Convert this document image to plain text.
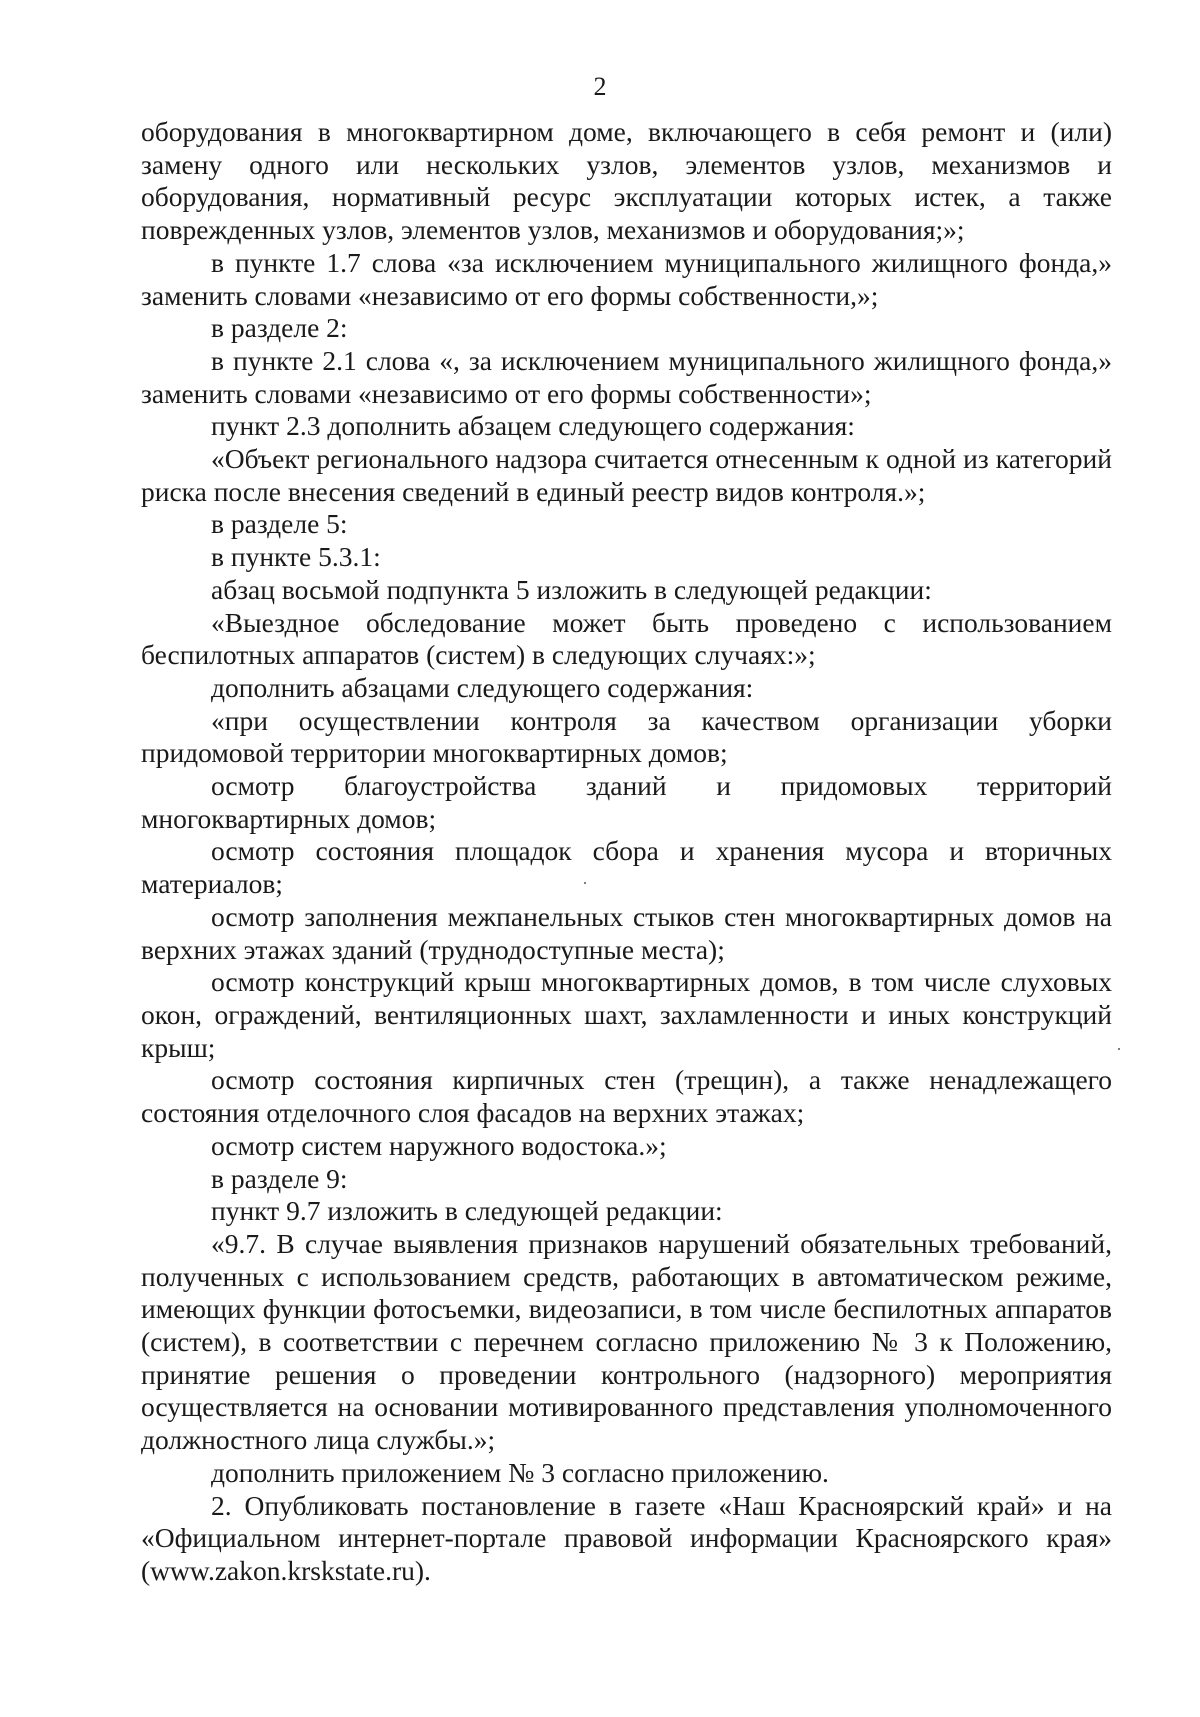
2

оборудования в многоквартирном доме, включающего в себя ремонт и (или) замену одного или нескольких узлов, элементов узлов, механизмов и оборудования, нормативный ресурс эксплуатации которых истек, а также поврежденных узлов, элементов узлов, механизмов и оборудования;»;

в пункте 1.7 слова «за исключением муниципального жилищного фонда,» заменить словами «независимо от его формы собственности,»;

в разделе 2:

в пункте 2.1 слова «, за исключением муниципального жилищного фонда,» заменить словами «независимо от его формы собственности»;

пункт 2.3 дополнить абзацем следующего содержания:

«Объект регионального надзора считается отнесенным к одной из категорий риска после внесения сведений в единый реестр видов контроля.»;

в разделе 5:

в пункте 5.3.1:

абзац восьмой подпункта 5 изложить в следующей редакции:

«Выездное обследование может быть проведено с использованием беспилотных аппаратов (систем) в следующих случаях:»;

дополнить абзацами следующего содержания:

«при осуществлении контроля за качеством организации уборки придомовой территории многоквартирных домов;

осмотр благоустройства зданий и придомовых территорий многоквартирных домов;

осмотр состояния площадок сбора и хранения мусора и вторичных материалов;

осмотр заполнения межпанельных стыков стен многоквартирных домов на верхних этажах зданий (труднодоступные места);

осмотр конструкций крыш многоквартирных домов, в том числе слуховых окон, ограждений, вентиляционных шахт, захламленности и иных конструкций крыш;

осмотр состояния кирпичных стен (трещин), а также ненадлежащего состояния отделочного слоя фасадов на верхних этажах;

осмотр систем наружного водостока.»;

в разделе 9:

пункт 9.7 изложить в следующей редакции:

«9.7. В случае выявления признаков нарушений обязательных требований, полученных с использованием средств, работающих в автоматическом режиме, имеющих функции фотосъемки, видеозаписи, в том числе беспилотных аппаратов (систем), в соответствии с перечнем согласно приложению № 3 к Положению, принятие решения о проведении контрольного (надзорного) мероприятия осуществляется на основании мотивированного представления уполномоченного должностного лица службы.»;

дополнить приложением № 3 согласно приложению.

2. Опубликовать постановление в газете «Наш Красноярский край» и на «Официальном интернет-портале правовой информации Красноярского края» (www.zakon.krskstate.ru).
